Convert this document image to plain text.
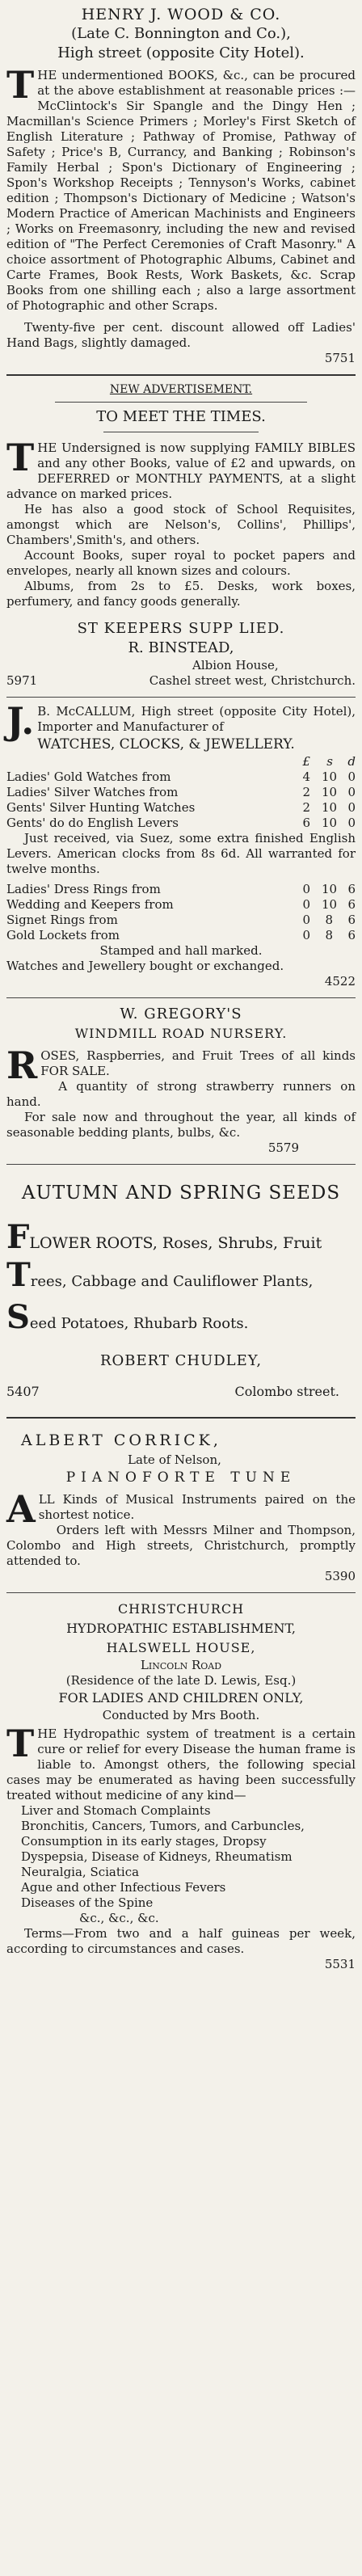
HENRY J. WOOD & CO.
(Late C. Bonnington and Co.),
High street (opposite City Hotel).

THE undermentioned BOOKS, &c., can be procured at the above establishment at reasonable prices :— McClintock's Sir Spangle and the Dingy Hen ; Macmillan's Science Primers ; Morley's First Sketch of English Literature ; Pathway of Promise, Pathway of Safety ; Price's B, Currancy, and Banking ; Robinson's Family Herbal ; Spon's Dictionary of Engineering ; Spon's Workshop Receipts ; Tennyson's Works, cabinet edition ; Thompson's Dictionary of Medicine ; Watson's Modern Practice of American Machinists and Engineers ; Works on Freemasonry, including the new and revised edition of "The Perfect Ceremonies of Craft Masonry." A choice assortment of Photographic Albums, Cabinet and Carte Frames, Book Rests, Work Baskets, &c. Scrap Books from one shilling each ; also a large assortment of Photographic and other Scraps.

Twenty-five per cent. discount allowed off Ladies' Hand Bags, slightly damaged.

5751
NEW ADVERTISEMENT.
TO MEET THE TIMES.

THE Undersigned is now supplying FAMILY BIBLES and any other Books, value of £2 and upwards, on DEFERRED or MONTHLY PAYMENTS, at a slight advance on marked prices.

He has also a good stock of School Requisites, amongst which are Nelson's, Collins', Phillips', Chambers',Smith's, and others.

Account Books, super royal to pocket papers and envelopes, nearly all known sizes and colours.

Albums, from 2s to £5. Desks, work boxes, perfumery, and fancy goods generally.

ST KEEPERS SUPP LIED.
R. BINSTEAD,
Albion House,
5971	Cashel street west, Christchurch.

J.B. McCALLUM, High street (opposite City Hotel), Importer and Manufacturer of

WATCHES, CLOCKS, & JEWELLERY.
£	s d
Ladies' Gold Watches from	4 10 0
Ladies' Silver Watches from	2 10 0
Gents' Silver Hunting Watches	2 10 0
Gents' do do English Levers	6 10 0

Just received, via Suez, some extra finished English Levers. American clocks from 8s 6d. All warranted for twelve months.

Ladies' Dress Rings from	0 10 6
Wedding and Keepers from	0 10 6
Signet Rings from	0 8 6
Gold Lockets from	0 8 6
Stamped and hall marked.
Watches and Jewellery bought or exchanged.
4522
W. GREGORY'S
WINDMILL ROAD NURSERY.

ROSES, Raspberries, and Fruit Trees of all kinds FOR SALE.

A quantity of strong strawberry runners on hand.

For sale now and throughout the year, all kinds of seasonable bedding plants, bulbs, &c.

5579
AUTUMN AND SPRING SEEDS
FLOWER ROOTS, Roses, Shrubs, Fruit
Trees, Cabbage and Cauliflower Plants,
Seed Potatoes, Rhubarb Roots.
ROBERT CHUDLEY,
5407	Colombo street.
ALBERT CORRICK,
Late of Nelson,
PIANOFORTE TUNE

ALL Kinds of Musical Instruments paired on the shortest notice.

Orders left with Messrs Milner and Thompson, Colombo and High streets, Christchurch, promptly attended to.

5390
CHRISTCHURCH
HYDROPATHIC ESTABLISHMENT,
HALSWELL HOUSE,
Lincoln Road
(Residence of the late D. Lewis, Esq.)
FOR LADIES AND CHILDREN ONLY,
Conducted by Mrs Booth.

THE Hydropathic system of treatment is a certain cure or relief for every Disease the human frame is liable to. Amongst others, the following special cases may be enumerated as having been successfully treated without medicine of any kind—

Liver and Stomach Complaints
Bronchitis, Cancers, Tumors, and Carbuncles,
Consumption in its early stages, Dropsy
Dyspepsia, Disease of Kidneys, Rheumatism
Neuralgia, Sciatica
Ague and other Infectious Fevers
Diseases of the Spine
&c., &c., &c.

Terms—From two and a half guineas per week, according to circumstances and cases.

5531
